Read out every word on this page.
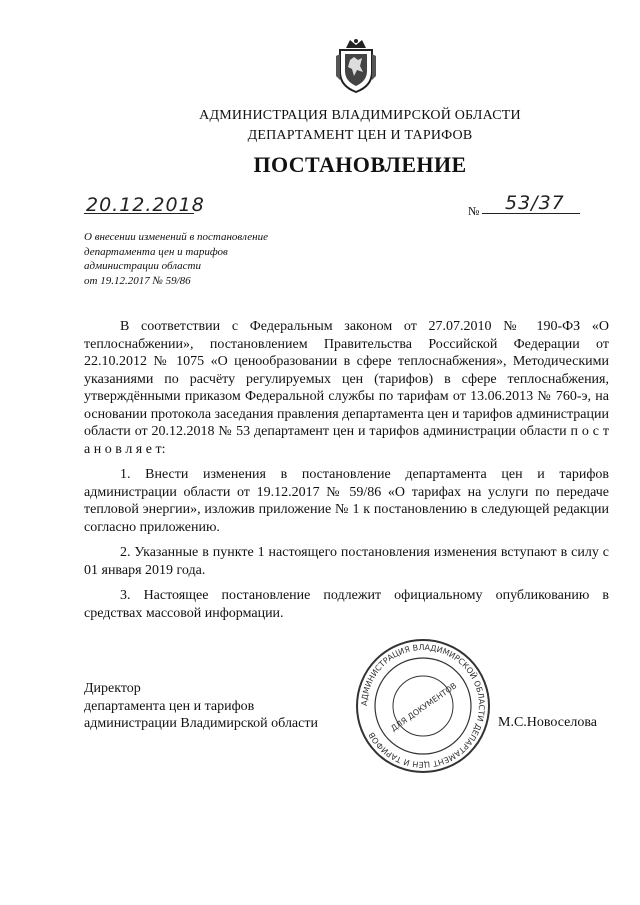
АДМИНИСТРАЦИЯ ВЛАДИМИРСКОЙ ОБЛАСТИ
ДЕПАРТАМЕНТ ЦЕН И ТАРИФОВ
ПОСТАНОВЛЕНИЕ
20.12.2018	№ 53/37
О внесении изменений в постановление
департамента цен и тарифов
администрации области
от 19.12.2017 № 59/86

В соответствии с Федеральным законом от 27.07.2010 № 190-ФЗ «О теплоснабжении», постановлением Правительства Российской Федерации от 22.10.2012 № 1075 «О ценообразовании в сфере теплоснабжения», Методическими указаниями по расчёту регулируемых цен (тарифов) в сфере теплоснабжения, утверждёнными приказом Федеральной службы по тарифам от 13.06.2013 № 760-э, на основании протокола заседания правления департамента цен и тарифов администрации области от 20.12.2018 № 53 департамент цен и тарифов администрации области п о с т а н о в л я е т:

1. Внести изменения в постановление департамента цен и тарифов администрации области от 19.12.2017 № 59/86 «О тарифах на услуги по передаче тепловой энергии», изложив приложение № 1 к постановлению в следующей редакции согласно приложению.

2. Указанные в пункте 1 настоящего постановления изменения вступают в силу с 01 января 2019 года.

3. Настоящее постановление подлежит официальному опубликованию в средствах массовой информации.

Директор
департамента цен и тарифов
администрации Владимирской области	М.С.Новоселова
АДМИНИСТРАЦИЯ ВЛАДИМИРСКОЙ ОБЛАСТИ ДЕПАРТАМЕНТ ЦЕН И ТАРИФОВ
ДЛЯ ДОКУМЕНТОВ
